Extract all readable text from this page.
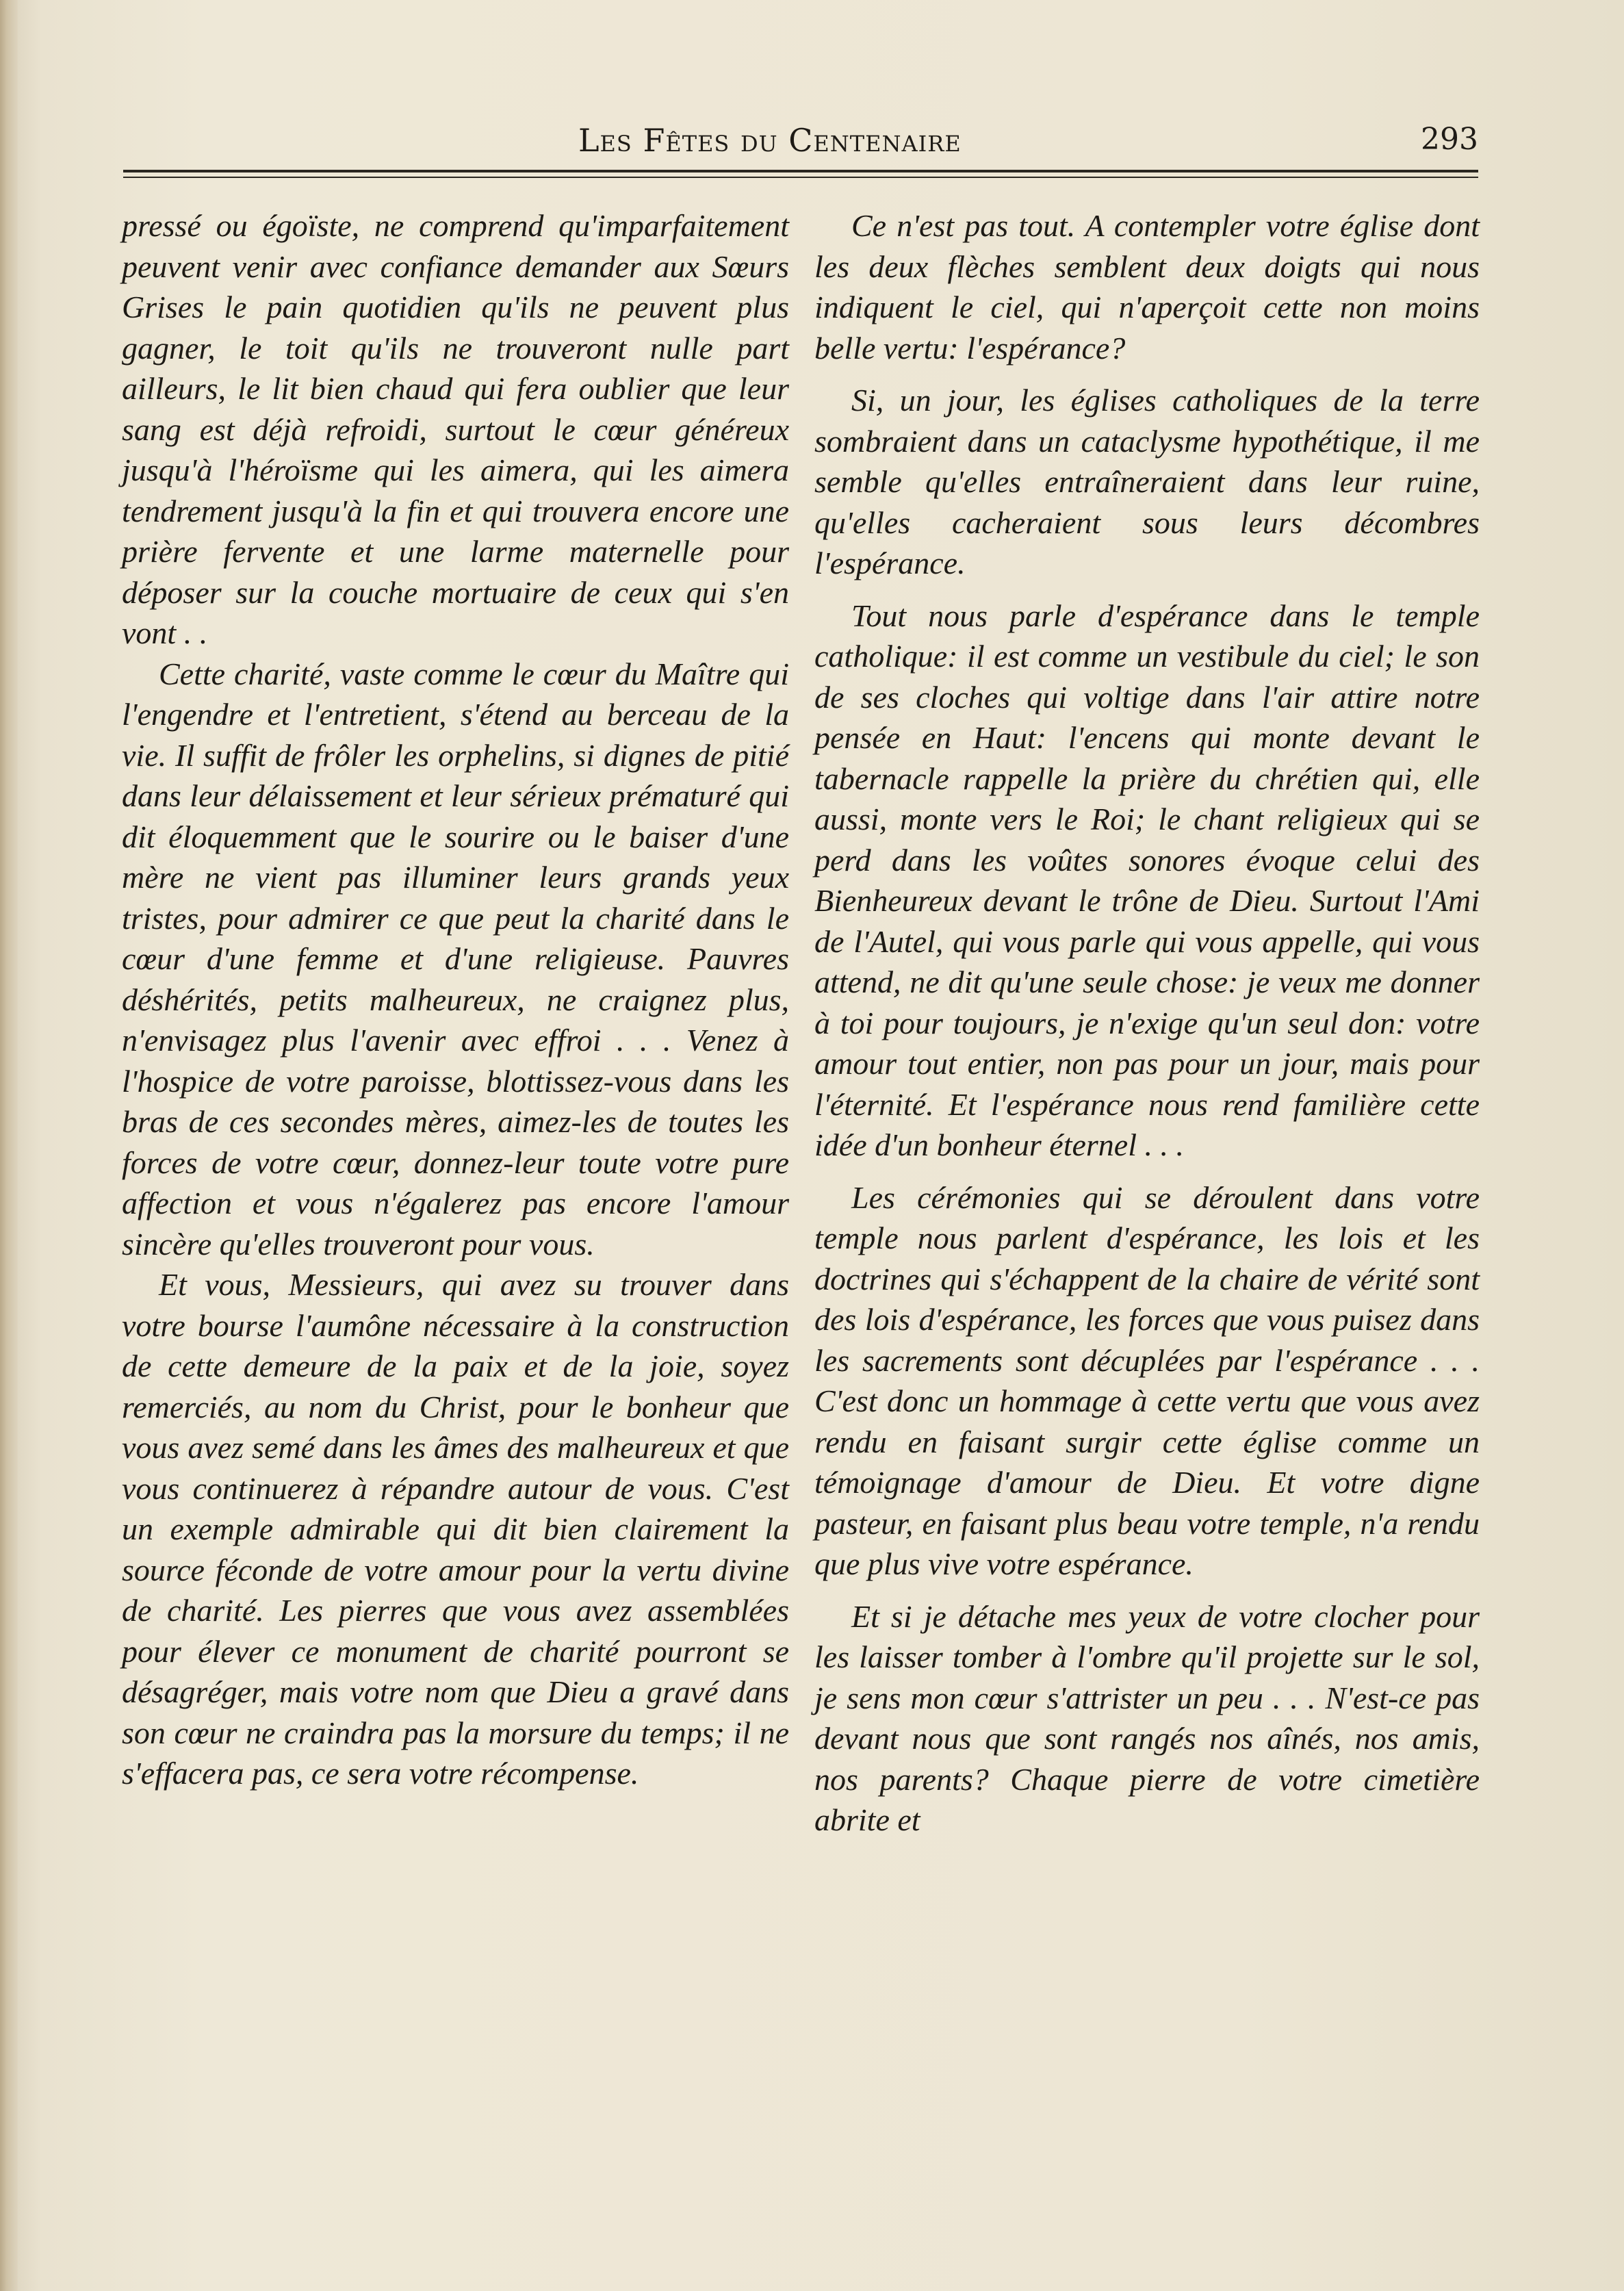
Les Fêtes du Centenaire	293

pressé ou égoïste, ne comprend qu'imparfaitement peuvent venir avec confiance demander aux Sœurs Grises le pain quotidien qu'ils ne peuvent plus gagner, le toit qu'ils ne trouveront nulle part ailleurs, le lit bien chaud qui fera oublier que leur sang est déjà refroidi, surtout le cœur généreux jusqu'à l'héroïsme qui les aimera, qui les aimera tendrement jusqu'à la fin et qui trouvera encore une prière fervente et une larme maternelle pour déposer sur la couche mortuaire de ceux qui s'en vont . .

Cette charité, vaste comme le cœur du Maître qui l'engendre et l'entretient, s'étend au berceau de la vie. Il suffit de frôler les orphelins, si dignes de pitié dans leur délaissement et leur sérieux prématuré qui dit éloquemment que le sourire ou le baiser d'une mère ne vient pas illuminer leurs grands yeux tristes, pour admirer ce que peut la charité dans le cœur d'une femme et d'une religieuse. Pauvres déshérités, petits malheureux, ne craignez plus, n'envisagez plus l'avenir avec effroi . . . Venez à l'hospice de votre paroisse, blottissez-vous dans les bras de ces secondes mères, aimez-les de toutes les forces de votre cœur, donnez-leur toute votre pure affection et vous n'égalerez pas encore l'amour sincère qu'elles trouveront pour vous.

Et vous, Messieurs, qui avez su trouver dans votre bourse l'aumône nécessaire à la construction de cette demeure de la paix et de la joie, soyez remerciés, au nom du Christ, pour le bonheur que vous avez semé dans les âmes des malheureux et que vous continuerez à répandre autour de vous. C'est un exemple admirable qui dit bien clairement la source féconde de votre amour pour la vertu divine de charité. Les pierres que vous avez assemblées pour élever ce monument de charité pourront se désagréger, mais votre nom que Dieu a gravé dans son cœur ne craindra pas la morsure du temps; il ne s'effacera pas, ce sera votre récompense.

Ce n'est pas tout. A contempler votre église dont les deux flèches semblent deux doigts qui nous indiquent le ciel, qui n'aperçoit cette non moins belle vertu: l'espérance?

Si, un jour, les églises catholiques de la terre sombraient dans un cataclysme hypothétique, il me semble qu'elles entraîneraient dans leur ruine, qu'elles cacheraient sous leurs décombres l'espérance.

Tout nous parle d'espérance dans le temple catholique: il est comme un vestibule du ciel; le son de ses cloches qui voltige dans l'air attire notre pensée en Haut: l'encens qui monte devant le tabernacle rappelle la prière du chrétien qui, elle aussi, monte vers le Roi; le chant religieux qui se perd dans les voûtes sonores évoque celui des Bienheureux devant le trône de Dieu. Surtout l'Ami de l'Autel, qui vous parle qui vous appelle, qui vous attend, ne dit qu'une seule chose: je veux me donner à toi pour toujours, je n'exige qu'un seul don: votre amour tout entier, non pas pour un jour, mais pour l'éternité. Et l'espérance nous rend familière cette idée d'un bonheur éternel . . .

Les cérémonies qui se déroulent dans votre temple nous parlent d'espérance, les lois et les doctrines qui s'échappent de la chaire de vérité sont des lois d'espérance, les forces que vous puisez dans les sacrements sont décuplées par l'espérance . . . C'est donc un hommage à cette vertu que vous avez rendu en faisant surgir cette église comme un témoignage d'amour de Dieu. Et votre digne pasteur, en faisant plus beau votre temple, n'a rendu que plus vive votre espérance.

Et si je détache mes yeux de votre clocher pour les laisser tomber à l'ombre qu'il projette sur le sol, je sens mon cœur s'attrister un peu . . . N'est-ce pas devant nous que sont rangés nos aînés, nos amis, nos parents? Chaque pierre de votre cimetière abrite et
